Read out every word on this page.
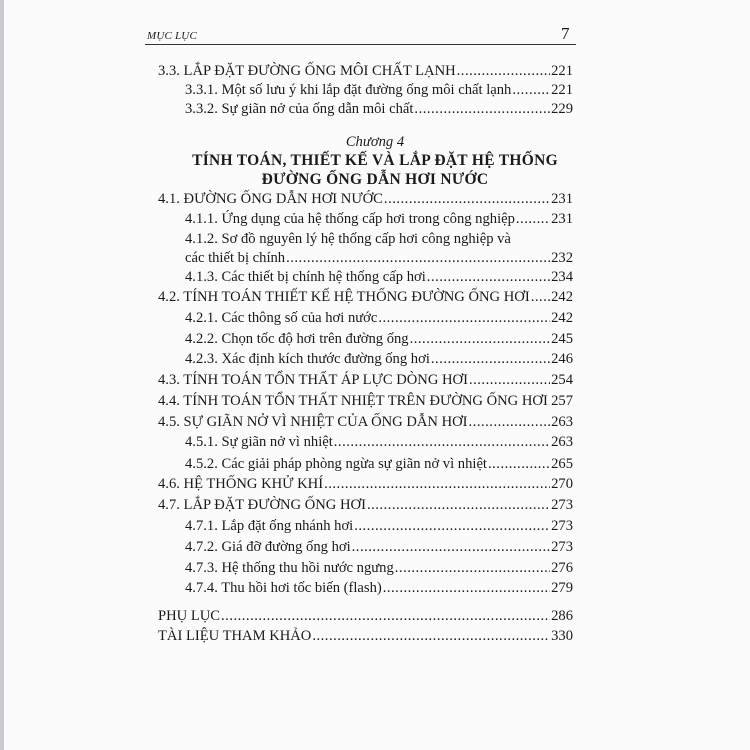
MỤC LỤC	7
3.3. LẮP ĐẶT ĐƯỜNG ỐNG MÔI CHẤT LẠNH .....	221
3.3.1. Một số lưu ý khi lắp đặt đường ống môi chất lạnh .....	221
3.3.2. Sự giãn nở của ống dẫn môi chất .....	229
4.1. ĐƯỜNG ỐNG DẪN HƠI NƯỚC .....	231
4.1.1. Ứng dụng của hệ thống cấp hơi trong công nghiệp ..... 231
4.1.2. Sơ đồ nguyên lý hệ thống cấp hơi công nghiệp và
các thiết bị chính .....	232
4.1.3. Các thiết bị chính hệ thống cấp hơi .....	234
4.2. TÍNH TOÁN THIẾT KẾ HỆ THỐNG ĐƯỜNG ỐNG HƠI ..... 242
4.2.1. Các thông số của hơi nước .....	242
4.2.2. Chọn tốc độ hơi trên đường ống .....	245
4.2.3. Xác định kích thước đường ống hơi .....	246
4.3. TÍNH TOÁN TỔN THẤT ÁP LỰC DÒNG HƠI .....	254
4.4. TÍNH TOÁN TỔN THẤT NHIỆT TRÊN ĐƯỜNG ỐNG HƠI ..... 257
4.5. SỰ GIÃN NỞ VÌ NHIỆT CỦA ỐNG DẪN HƠI .....	263
4.5.1. Sự giãn nở vì nhiệt .....	263
4.5.2. Các giải pháp phòng ngừa sự giãn nở vì nhiệt .....	265
4.6. HỆ THỐNG KHỬ KHÍ .....	270
4.7. LẮP ĐẶT ĐƯỜNG ỐNG HƠI .....	273
4.7.1. Lắp đặt ống nhánh hơi .....	273
4.7.2. Giá đỡ đường ống hơi .....	273
4.7.3. Hệ thống thu hồi nước ngưng .....	276
4.7.4. Thu hồi hơi tốc biến (flash) .....	279
PHỤ LỤC .....	286
TÀI LIỆU THAM KHẢO .....	330
Chương 4
TÍNH TOÁN, THIẾT KẾ VÀ LẮP ĐẶT HỆ THỐNG
ĐƯỜNG ỐNG DẪN HƠI NƯỚC
